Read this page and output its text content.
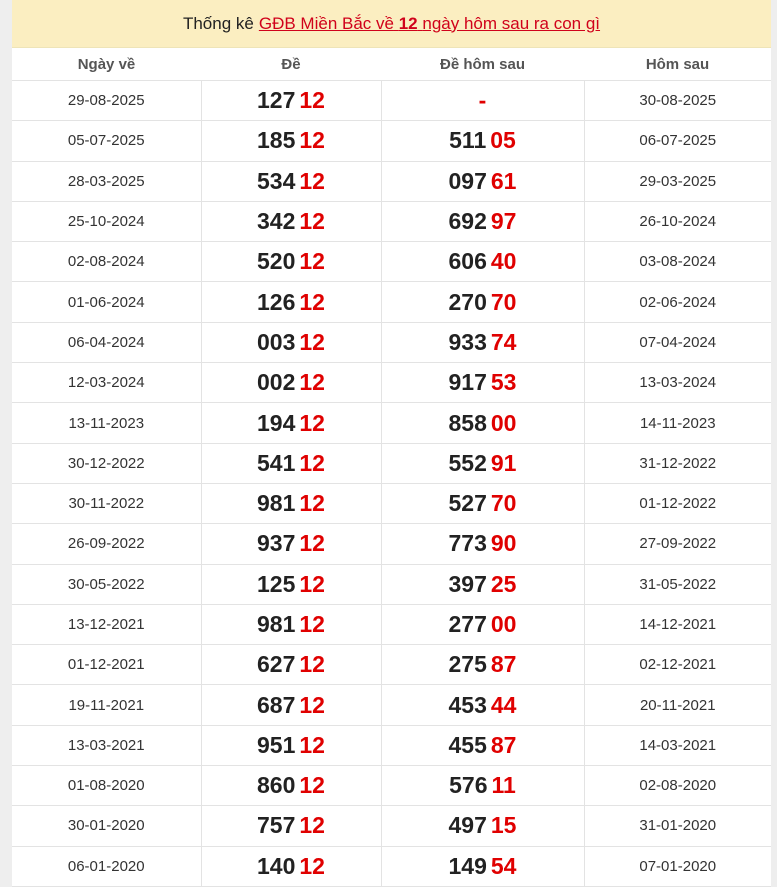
Thống kê GĐB Miền Bắc về 12 ngày hôm sau ra con gì
Ngày về	Đề	Đề hôm sau	Hôm sau
29-08-2025	127 12	-	30-08-2025
05-07-2025	185 12	511 05	06-07-2025
28-03-2025	534 12	097 61	29-03-2025
25-10-2024	342 12	692 97	26-10-2024
02-08-2024	520 12	606 40	03-08-2024
01-06-2024	126 12	270 70	02-06-2024
06-04-2024	003 12	933 74	07-04-2024
12-03-2024	002 12	917 53	13-03-2024
13-11-2023	194 12	858 00	14-11-2023
30-12-2022	541 12	552 91	31-12-2022
30-11-2022	981 12	527 70	01-12-2022
26-09-2022	937 12	773 90	27-09-2022
30-05-2022	125 12	397 25	31-05-2022
13-12-2021	981 12	277 00	14-12-2021
01-12-2021	627 12	275 87	02-12-2021
19-11-2021	687 12	453 44	20-11-2021
13-03-2021	951 12	455 87	14-03-2021
01-08-2020	860 12	576 11	02-08-2020
30-01-2020	757 12	497 15	31-01-2020
06-01-2020	140 12	149 54	07-01-2020
